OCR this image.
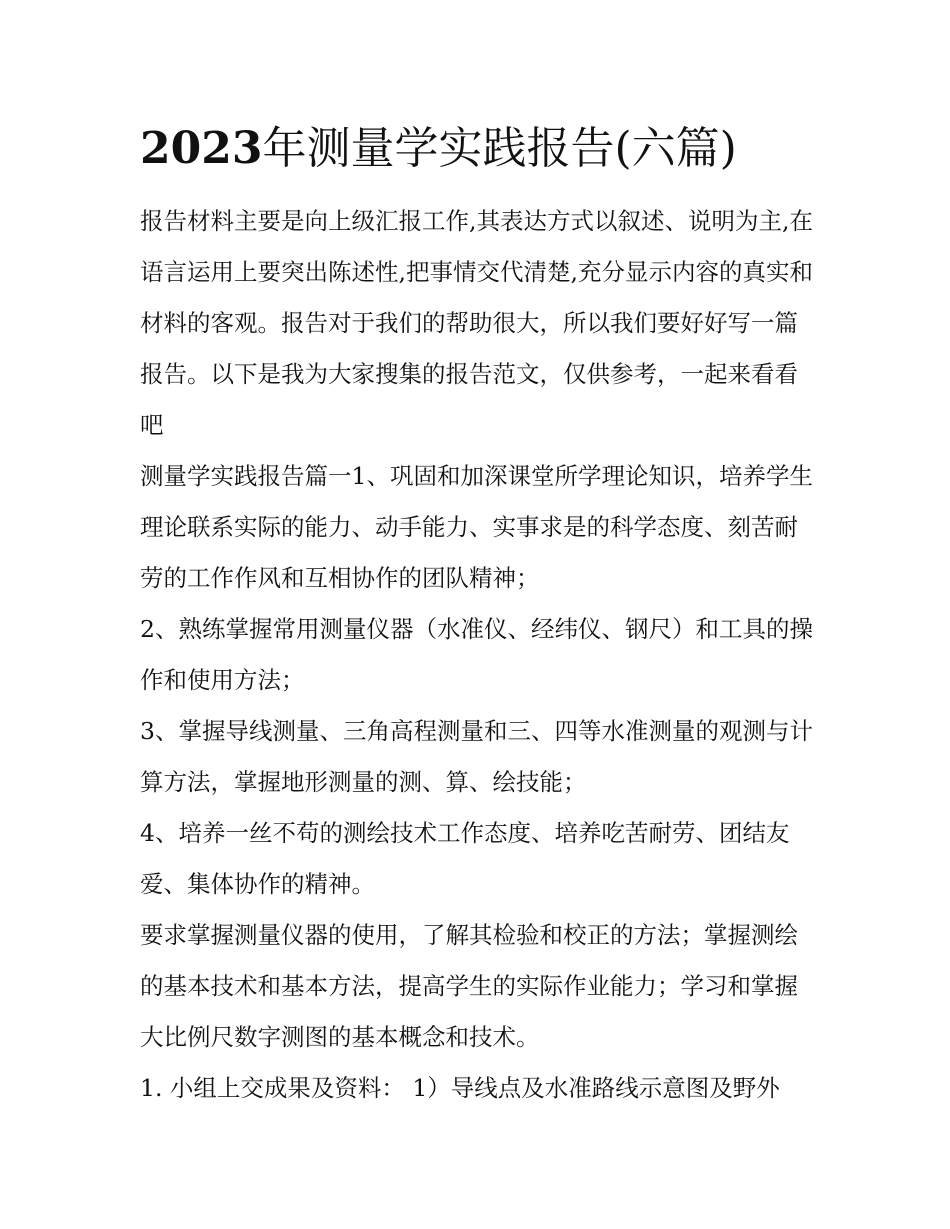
2023年测量学实践报告(六篇)

报告材料主要是向上级汇报工作,其表达方式以叙述、说明为主,在语言运用上要突出陈述性,把事情交代清楚,充分显示内容的真实和材料的客观。报告对于我们的帮助很大，所以我们要好好写一篇报告。以下是我为大家搜集的报告范文，仅供参考，一起来看看吧

测量学实践报告篇一1、巩固和加深课堂所学理论知识，培养学生理论联系实际的能力、动手能力、实事求是的科学态度、刻苦耐劳的工作作风和互相协作的团队精神；

2、熟练掌握常用测量仪器（水准仪、经纬仪、钢尺）和工具的操作和使用方法；

3、掌握导线测量、三角高程测量和三、四等水准测量的观测与计算方法，掌握地形测量的测、算、绘技能；

4、培养一丝不苟的测绘技术工作态度、培养吃苦耐劳、团结友爱、集体协作的精神。

要求掌握测量仪器的使用，了解其检验和校正的方法；掌握测绘的基本技术和基本方法，提高学生的实际作业能力；学习和掌握大比例尺数字测图的基本概念和技术。

1. 小组上交成果及资料： 1）导线点及水准路线示意图及野外
